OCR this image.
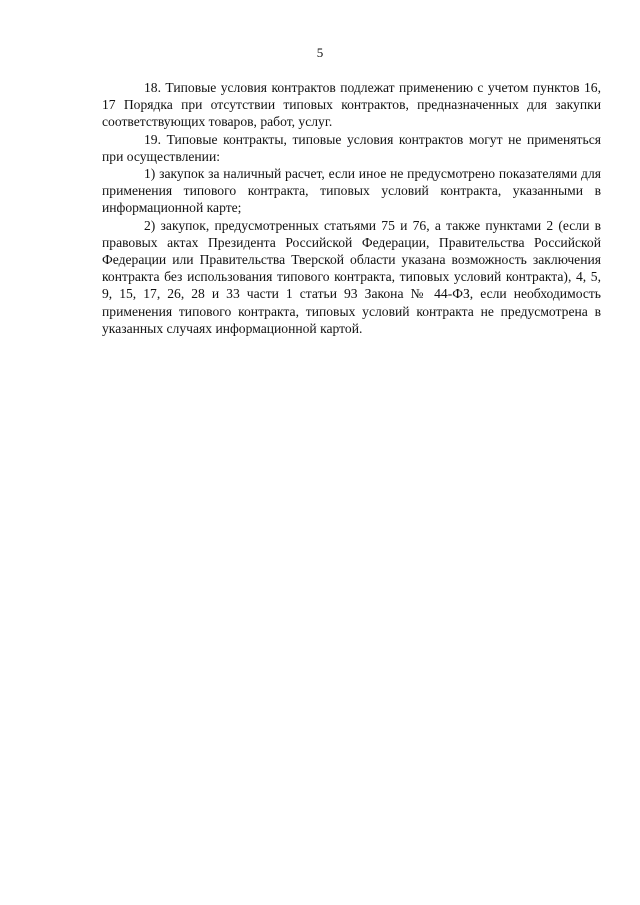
5

18. Типовые условия контрактов подлежат применению с учетом пунктов 16, 17 Порядка при отсутствии типовых контрактов, предназначенных для закупки соответствующих товаров, работ, услуг.

19. Типовые контракты, типовые условия контрактов могут не применяться при осуществлении:

1) закупок за наличный расчет, если иное не предусмотрено показателями для применения типового контракта, типовых условий контракта, указанными в информационной карте;

2) закупок, предусмотренных статьями 75 и 76, а также пунктами 2 (если в правовых актах Президента Российской Федерации, Правительства Российской Федерации или Правительства Тверской области указана возможность заключения контракта без использования типового контракта, типовых условий контракта), 4, 5, 9, 15, 17, 26, 28 и 33 части 1 статьи 93 Закона № 44-ФЗ, если необходимость применения типового контракта, типовых условий контракта не предусмотрена в указанных случаях информационной картой.
